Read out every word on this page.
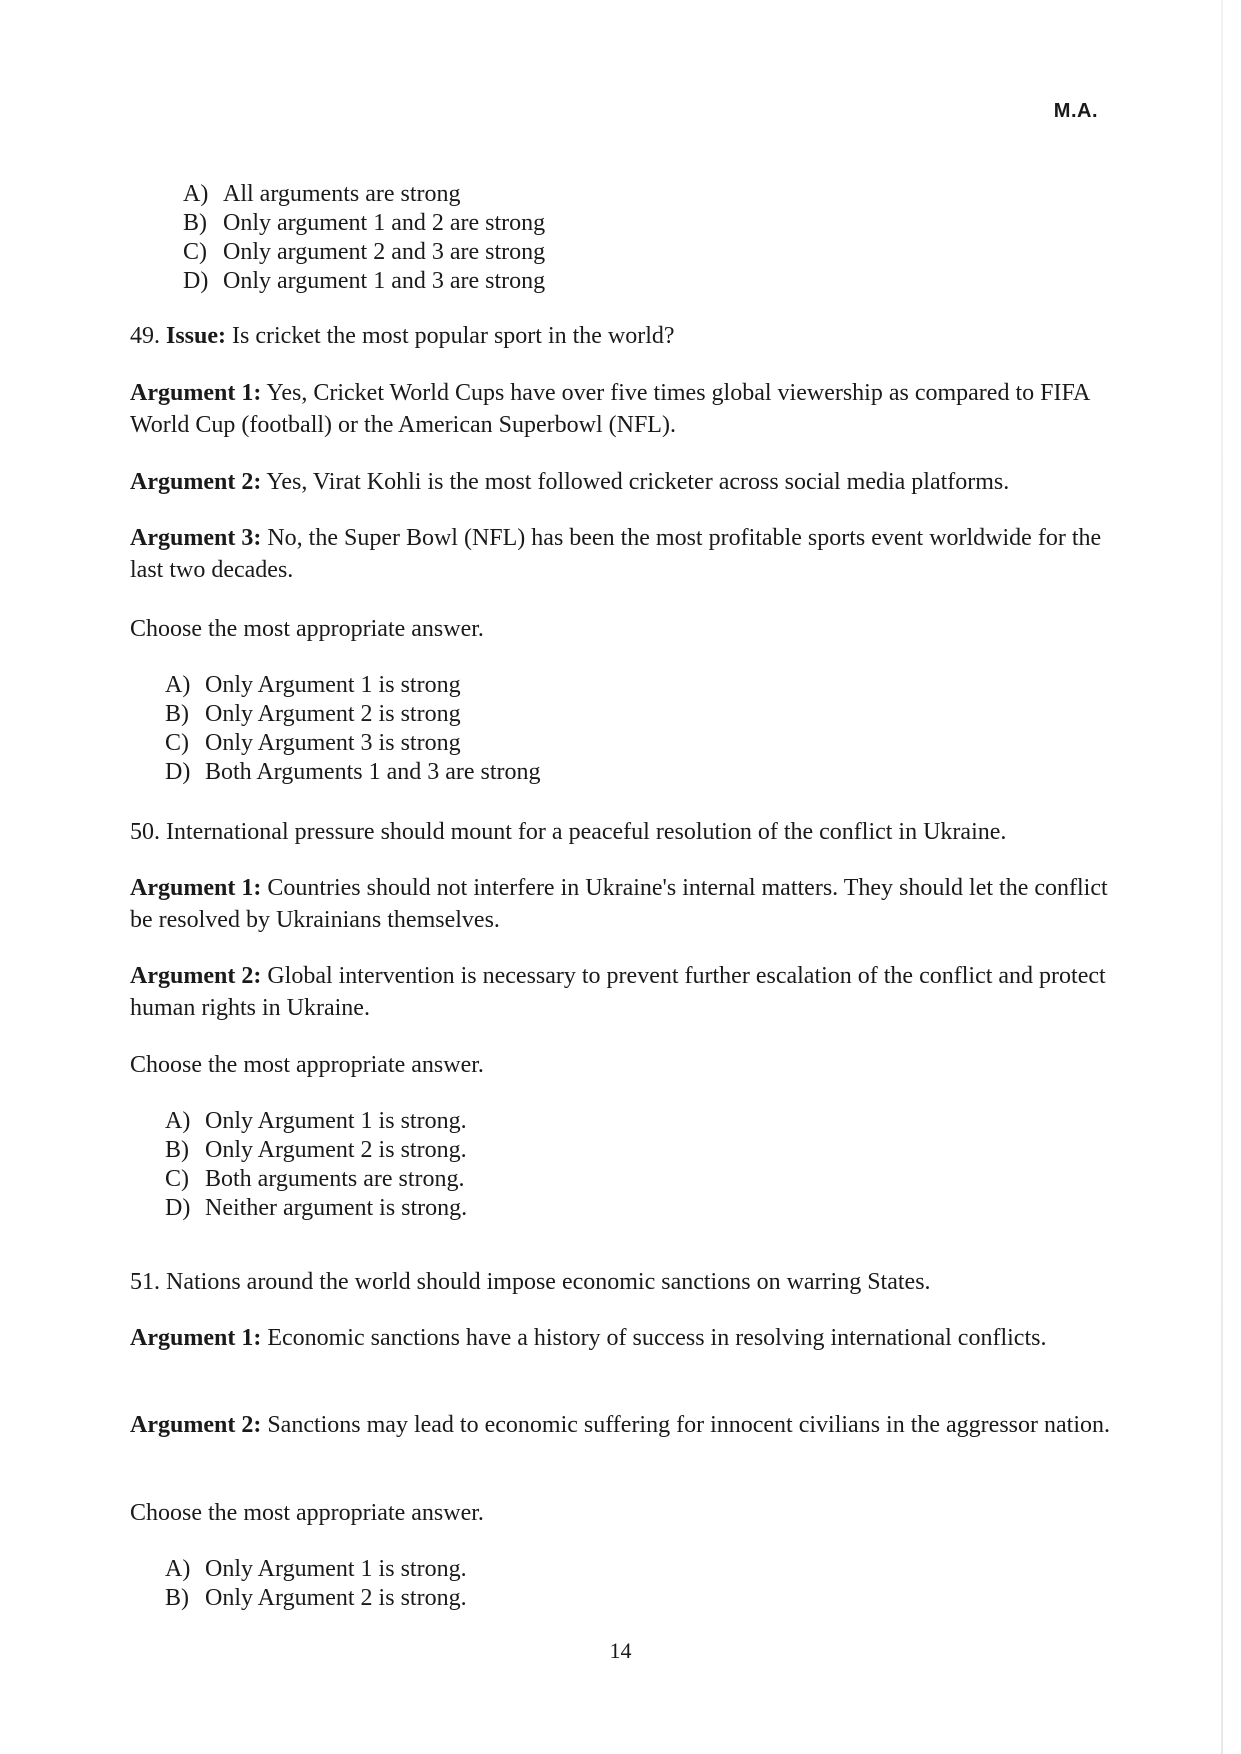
M.A.
A) All arguments are strong
B) Only argument 1 and 2 are strong
C) Only argument 2 and 3 are strong
D) Only argument 1 and 3 are strong
49. Issue: Is cricket the most popular sport in the world?
Argument 1: Yes, Cricket World Cups have over five times global viewership as compared to FIFA World Cup (football) or the American Superbowl (NFL).
Argument 2: Yes, Virat Kohli is the most followed cricketer across social media platforms.
Argument 3: No, the Super Bowl (NFL) has been the most profitable sports event worldwide for the last two decades.
Choose the most appropriate answer.
A) Only Argument 1 is strong
B) Only Argument 2 is strong
C) Only Argument 3 is strong
D) Both Arguments 1 and 3 are strong
50. International pressure should mount for a peaceful resolution of the conflict in Ukraine.
Argument 1: Countries should not interfere in Ukraine's internal matters. They should let the conflict be resolved by Ukrainians themselves.
Argument 2: Global intervention is necessary to prevent further escalation of the conflict and protect human rights in Ukraine.
Choose the most appropriate answer.
A) Only Argument 1 is strong.
B) Only Argument 2 is strong.
C) Both arguments are strong.
D) Neither argument is strong.
51. Nations around the world should impose economic sanctions on warring States.
Argument 1: Economic sanctions have a history of success in resolving international conflicts.
Argument 2: Sanctions may lead to economic suffering for innocent civilians in the aggressor nation.
Choose the most appropriate answer.
A) Only Argument 1 is strong.
B) Only Argument 2 is strong.
14
